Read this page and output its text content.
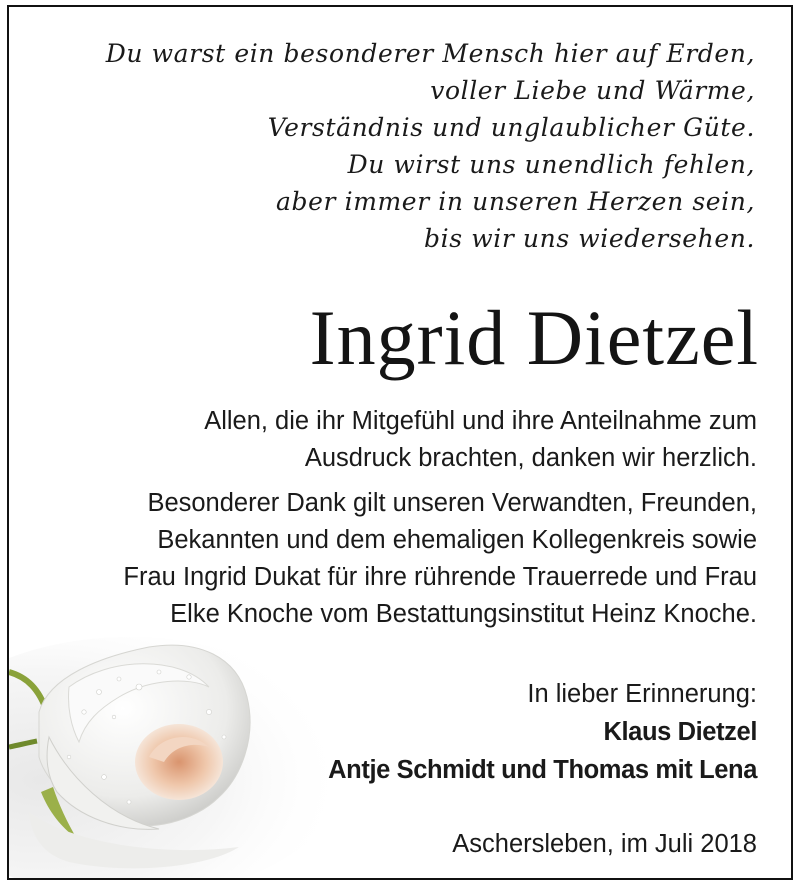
Du warst ein besonderer Mensch hier auf Erden,
voller Liebe und Wärme,
Verständnis und unglaublicher Güte.
Du wirst uns unendlich fehlen,
aber immer in unseren Herzen sein,
bis wir uns wiedersehen.
Ingrid Dietzel
Allen, die ihr Mitgefühl und ihre Anteilnahme zum
Ausdruck brachten, danken wir herzlich.
Besonderer Dank gilt unseren Verwandten, Freunden,
Bekannten und dem ehemaligen Kollegenkreis sowie
Frau Ingrid Dukat für ihre rührende Trauerrede und Frau
Elke Knoche vom Bestattungsinstitut Heinz Knoche.
In lieber Erinnerung:
Klaus Dietzel
Antje Schmidt und Thomas mit Lena
Aschersleben, im Juli 2018
